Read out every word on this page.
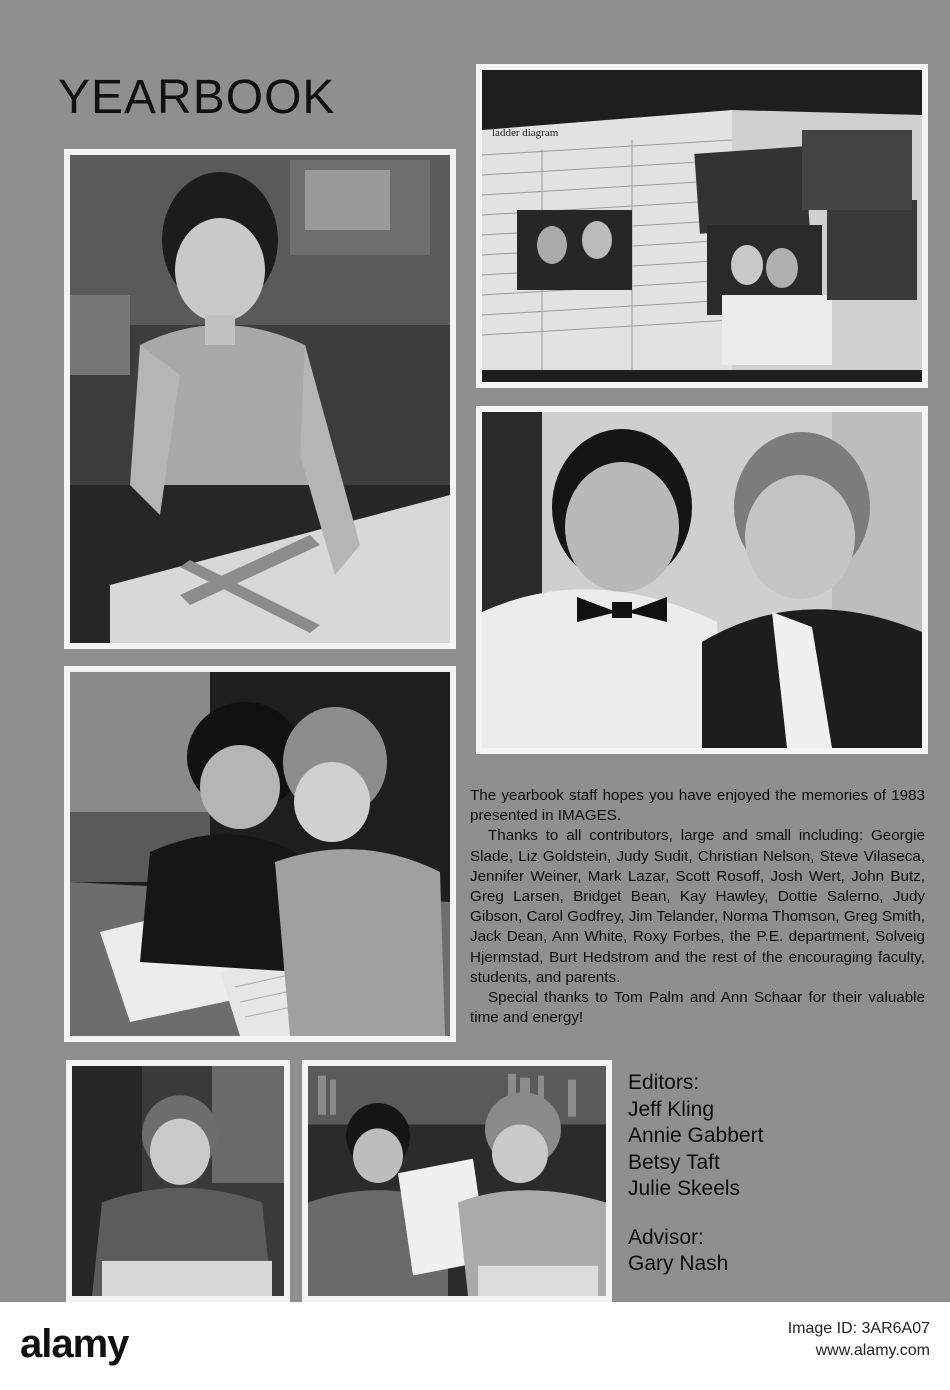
YEARBOOK
ladder diagram

The yearbook staff hopes you have enjoyed the memories of 1983 presented in IMAGES.

Thanks to all contributors, large and small including: Georgie Slade, Liz Goldstein, Judy Sudit, Christian Nelson, Steve Vilaseca, Jennifer Weiner, Mark Lazar, Scott Rosoff, Josh Wert, John Butz, Greg Larsen, Bridget Bean, Kay Hawley, Dottie Salerno, Judy Gibson, Carol Godfrey, Jim Telander, Norma Thomson, Greg Smith, Jack Dean, Ann White, Roxy Forbes, the P.E. department, Solveig Hjermstad, Burt Hedstrom and the rest of the encouraging faculty, students, and parents.

Special thanks to Tom Palm and Ann Schaar for their valuable time and energy!

Editors:
Jeff Kling
Annie Gabbert
Betsy Taft
Julie Skeels
Advisor:
Gary Nash
alamy	Image ID: 3AR6A07
www.alamy.com
